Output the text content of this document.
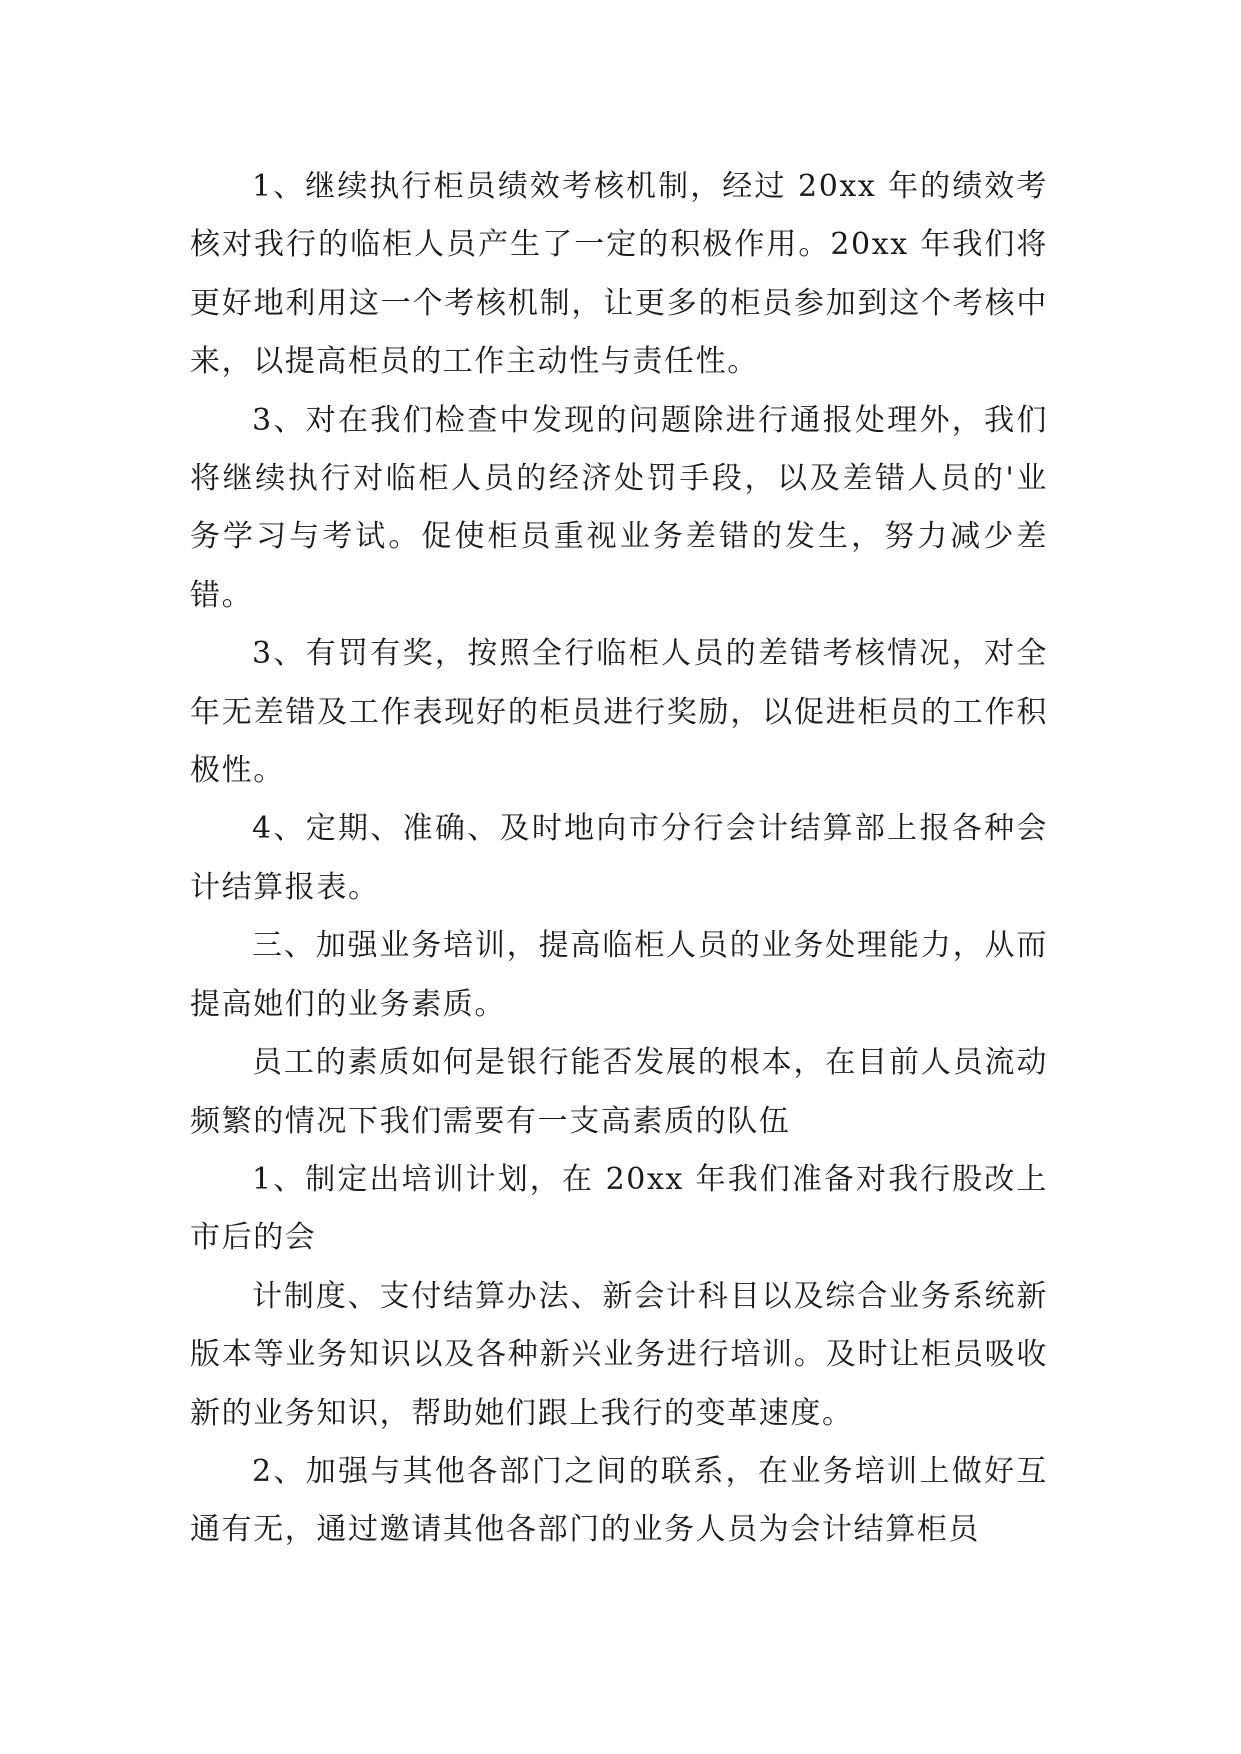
1、继续执行柜员绩效考核机制，经过 20xx 年的绩效考核对我行的临柜人员产生了一定的积极作用。20xx 年我们将更好地利用这一个考核机制，让更多的柜员参加到这个考核中来，以提高柜员的工作主动性与责任性。

3、对在我们检查中发现的问题除进行通报处理外，我们将继续执行对临柜人员的经济处罚手段，以及差错人员的'业务学习与考试。促使柜员重视业务差错的发生，努力减少差错。

3、有罚有奖，按照全行临柜人员的差错考核情况，对全年无差错及工作表现好的柜员进行奖励，以促进柜员的工作积极性。

4、定期、准确、及时地向市分行会计结算部上报各种会计结算报表。

三、加强业务培训，提高临柜人员的业务处理能力，从而提高她们的业务素质。

员工的素质如何是银行能否发展的根本，在目前人员流动频繁的情况下我们需要有一支高素质的队伍

1、制定出培训计划，在 20xx 年我们准备对我行股改上市后的会

计制度、支付结算办法、新会计科目以及综合业务系统新版本等业务知识以及各种新兴业务进行培训。及时让柜员吸收新的业务知识，帮助她们跟上我行的变革速度。

2、加强与其他各部门之间的联系，在业务培训上做好互通有无，通过邀请其他各部门的业务人员为会计结算柜员
